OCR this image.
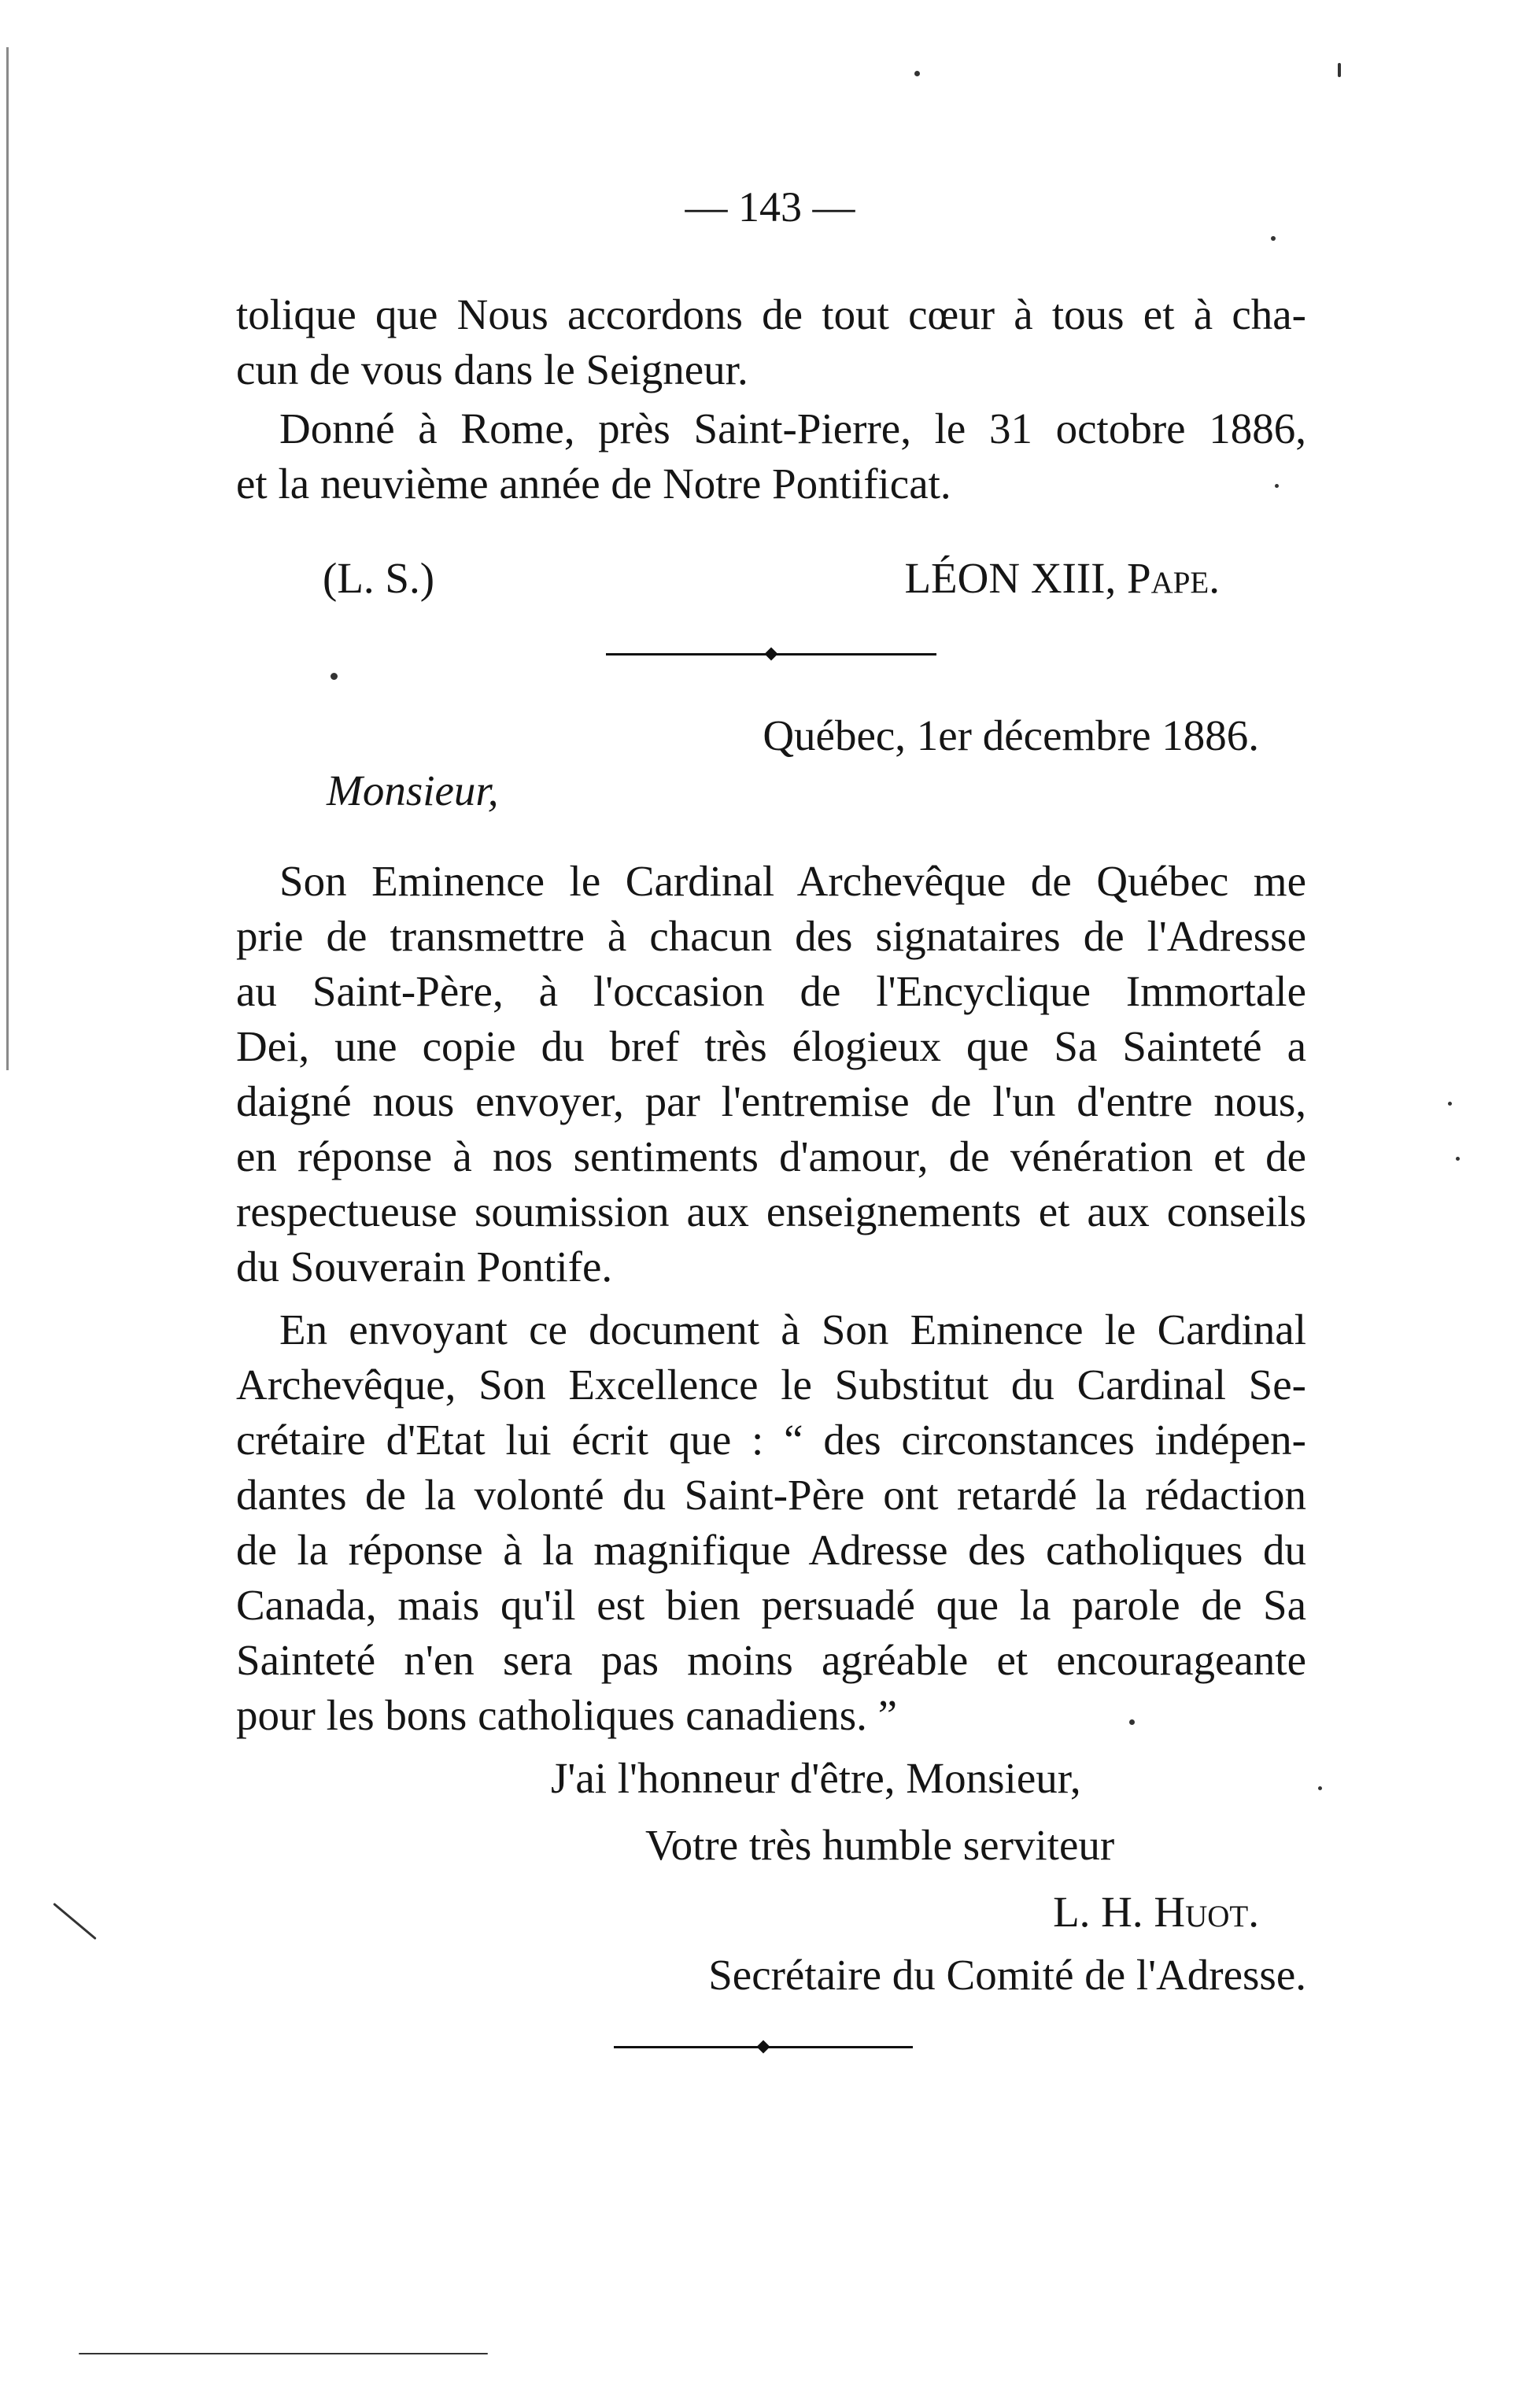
— 143 —
tolique que Nous accordons de tout cœur à tous et à cha-
cun de vous dans le Seigneur.
Donné à Rome, près Saint-Pierre, le 31 octobre 1886,
et la neuvième année de Notre Pontificat.
(L. S.)	LÉON XIII, Pape.
Québec, 1er décembre 1886.
Monsieur,
Son Eminence le Cardinal Archevêque de Québec me
prie de transmettre à chacun des signataires de l'Adresse
au Saint-Père, à l'occasion de l'Encyclique Immortale
Dei, une copie du bref très élogieux que Sa Sainteté a
daigné nous envoyer, par l'entremise de l'un d'entre nous,
en réponse à nos sentiments d'amour, de vénération et de
respectueuse soumission aux enseignements et aux conseils
du Souverain Pontife.
En envoyant ce document à Son Eminence le Cardinal
Archevêque, Son Excellence le Substitut du Cardinal Se-
crétaire d'Etat lui écrit que : “ des circonstances indépen-
dantes de la volonté du Saint-Père ont retardé la rédaction
de la réponse à la magnifique Adresse des catholiques du
Canada, mais qu'il est bien persuadé que la parole de Sa
Sainteté n'en sera pas moins agréable et encourageante
pour les bons catholiques canadiens. ”
J'ai l'honneur d'être, Monsieur,
Votre très humble serviteur
L. H. Huot.
Secrétaire du Comité de l'Adresse.
